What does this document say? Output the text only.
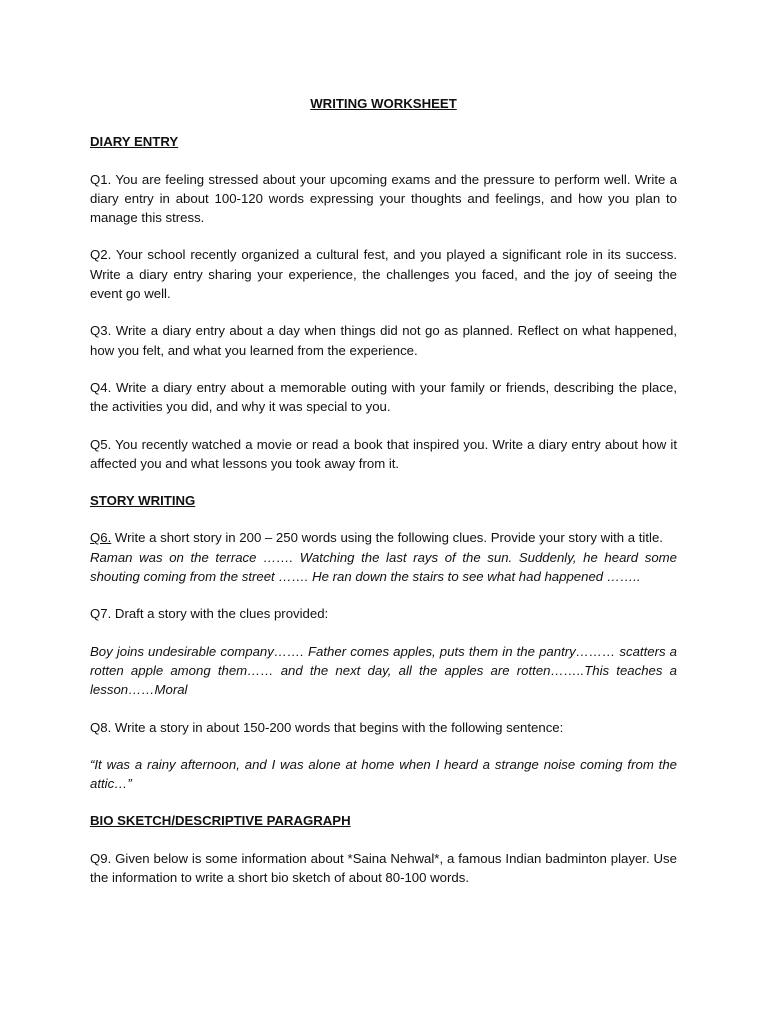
WRITING WORKSHEET
DIARY ENTRY
Q1. You are feeling stressed about your upcoming exams and the pressure to perform well. Write a diary entry in about 100-120 words expressing your thoughts and feelings, and how you plan to manage this stress.
Q2. Your school recently organized a cultural fest, and you played a significant role in its success. Write a diary entry sharing your experience, the challenges you faced, and the joy of seeing the event go well.
Q3. Write a diary entry about a day when things did not go as planned. Reflect on what happened, how you felt, and what you learned from the experience.
Q4. Write a diary entry about a memorable outing with your family or friends, describing the place, the activities you did, and why it was special to you.
Q5. You recently watched a movie or read a book that inspired you. Write a diary entry about how it affected you and what lessons you took away from it.
STORY WRITING
Q6. Write a short story in 200 – 250 words using the following clues. Provide your story with a title.
Raman was on the terrace ……. Watching the last rays of the sun. Suddenly, he heard some shouting coming from the street ……. He ran down the stairs to see what had happened ……..
Q7. Draft a story with the clues provided:
Boy joins undesirable company……. Father comes apples, puts them in the pantry……… scatters a rotten apple among them…… and the next day, all the apples are rotten……..This teaches a lesson……Moral
Q8. Write a story in about 150-200 words that begins with the following sentence:
“It was a rainy afternoon, and I was alone at home when I heard a strange noise coming from the attic…”
BIO SKETCH/DESCRIPTIVE PARAGRAPH
Q9. Given below is some information about *Saina Nehwal*, a famous Indian badminton player. Use the information to write a short bio sketch of about 80-100 words.
